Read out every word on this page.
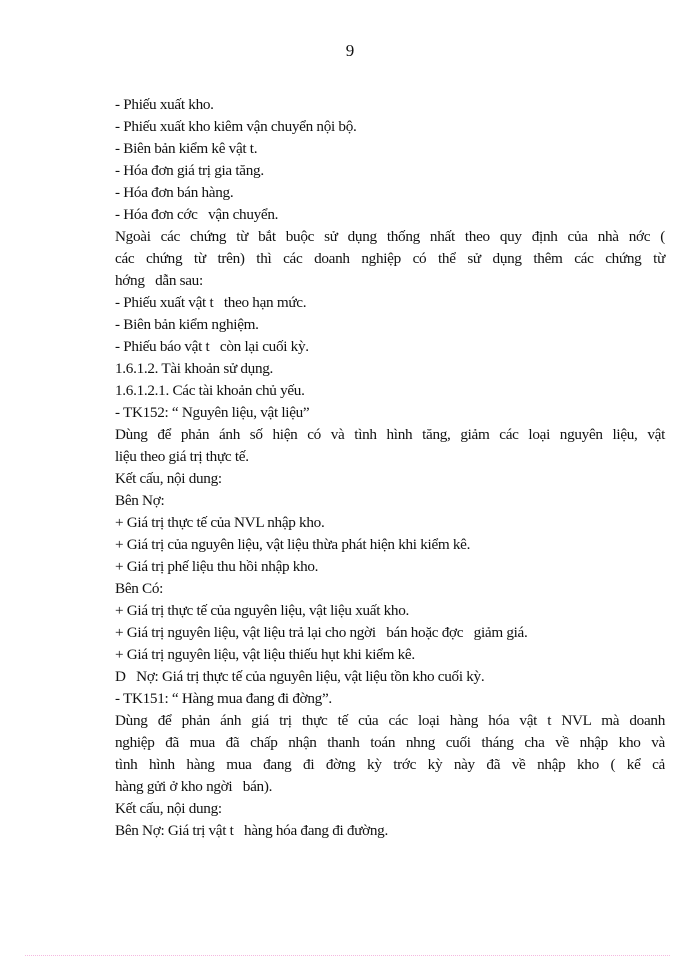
9
- Phiếu xuất kho.
- Phiếu xuất kho kiêm vận chuyển nội bộ.
- Biên bản kiểm kê vật t.
- Hóa đơn giá trị gia tăng.
- Hóa đơn bán hàng.
- Hóa đơn cớc   vận chuyển.
Ngoài các chứng từ bắt buộc sử dụng thống nhất theo quy định của nhà nớc (
các chứng từ trên) thì các doanh nghiệp có thể sử dụng thêm các chứng từ
hớng   dẫn sau:
- Phiếu xuất vật t   theo hạn mức.
- Biên bản kiểm nghiệm.
- Phiếu báo vật t   còn lại cuối kỳ.
1.6.1.2. Tài khoản sử dụng.
1.6.1.2.1. Các tài khoản chủ yếu.
- TK152: “ Nguyên liệu, vật liệu”
Dùng để phản ánh số hiện có và tình hình tăng, giảm các loại nguyên liệu, vật
liệu theo giá trị thực tế.
Kết cấu, nội dung:
Bên Nợ:
+ Giá trị thực tế của NVL nhập kho.
+ Giá trị của nguyên liệu, vật liệu thừa phát hiện khi kiểm kê.
+ Giá trị phế liệu thu hồi nhập kho.
Bên Có:
+ Giá trị thực tế của nguyên liệu, vật liệu xuất kho.
+ Giá trị nguyên liệu, vật liệu trả lại cho ngời   bán hoặc đợc   giảm giá.
+ Giá trị nguyên liệu, vật liệu thiếu hụt khi kiểm kê.
D   Nợ: Giá trị thực tế của nguyên liệu, vật liệu tồn kho cuối kỳ.
- TK151: “ Hàng mua đang đi đờng”.
Dùng để phản ánh giá trị thực tế của các loại hàng hóa vật t NVL mà doanh
nghiệp đã mua đã chấp nhận thanh toán nhng cuối tháng cha về nhập kho và
tình hình hàng mua đang đi đờng kỳ trớc kỳ này đã về nhập kho ( kể cả
hàng gửi ở kho ngời   bán).
Kết cấu, nội dung:
Bên Nợ: Giá trị vật t   hàng hóa đang đi đường.
